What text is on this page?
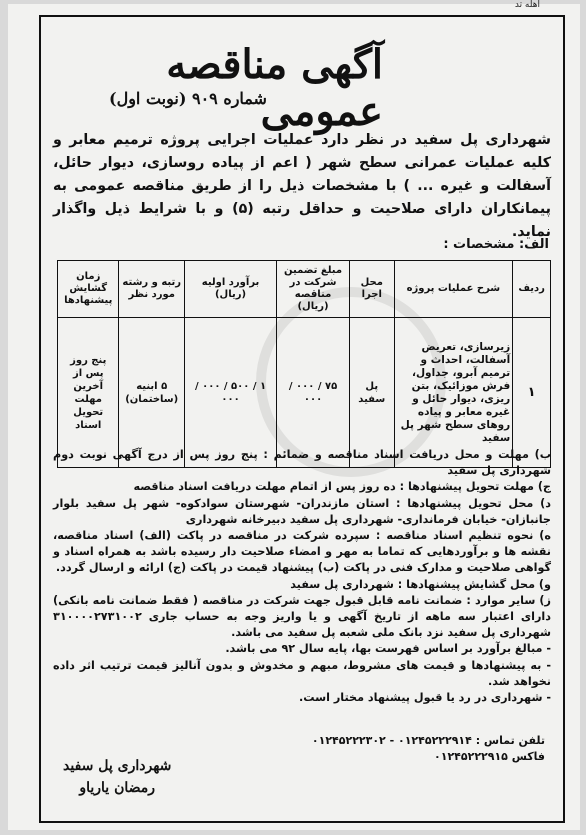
اهله تد
آگهی مناقصه عمومی
شماره ۹۰۹ (نوبت اول)
شهرداری پل سفید در نظر دارد عملیات اجرایی پروژه ترمیم معابر و کلیه عملیات عمرانی سطح شهر ( اعم از پیاده روسازی، دیوار حائل، آسفالت و غیره ... ) با مشخصات ذیل را از طریق مناقصه عمومی به پیمانکاران دارای صلاحیت و حداقل رتبه (۵) و با شرایط ذیل واگذار نماید.
الف: مشخصات :
ردیف	شرح عملیات پروژه	محل اجرا	مبلغ تضمین شرکت در مناقصه (ریال)	برآورد اولیه (ریال)	رتبه و رشته مورد نظر	زمان گشایش پیشنهادها
۱	زیرسازی، تعریض آسفالت، احداث و ترمیم آبرو، جداول، فرش موزائیک، بتن ریزی، دیوار حائل و غیره معابر و پیاده روهای سطح شهر پل سفید	پل سفید	۷۵ / ۰۰۰ / ۰۰۰	۱ / ۵۰۰ / ۰۰۰ / ۰۰۰	۵ ابنیه (ساختمان)	پنج روز پس از آخرین مهلت تحویل اسناد

ب) مهلت و محل دریافت اسناد مناقصه و ضمائم : پنج روز پس از درج آگهی نوبت دوم شهرداری پل سفید

ج) مهلت تحویل پیشنهادها : ده روز پس از اتمام مهلت دریافت اسناد مناقصه

د) محل تحویل پیشنهادها : استان مازندران- شهرستان سوادکوه- شهر پل سفید بلوار جانبازان- خیابان فرمانداری- شهرداری پل سفید دبیرخانه شهرداری

ه) نحوه تنظیم اسناد مناقصه : سپرده شرکت در مناقصه در پاکت (الف) اسناد مناقصه، نقشه ها و برآوردهایی که تماما به مهر و امضاء صلاحیت دار رسیده باشد به همراه اسناد و گواهی صلاحیت و مدارک فنی در پاکت (ب) پیشنهاد قیمت در پاکت (ج) ارائه و ارسال گردد.

و) محل گشایش پیشنهادها : شهرداری پل سفید

ز) سایر موارد : ضمانت نامه قابل قبول جهت شرکت در مناقصه ( فقط ضمانت نامه بانکی) دارای اعتبار سه ماهه از تاریخ آگهی و یا واریز وجه به حساب جاری ۳۱۰۰۰۰۲۷۳۱۰۰۲ شهرداری پل سفید نزد بانک ملی شعبه پل سفید می باشد.

- مبالغ برآورد بر اساس فهرست بها، پایه سال ۹۲ می باشد.

- به پیشنهادها و قیمت های مشروط، مبهم و مخدوش و بدون آنالیز قیمت ترتیب اثر داده نخواهد شد.

- شهرداری در رد یا قبول پیشنهاد مختار است.

تلفن تماس : ۰۱۲۴۵۲۲۲۹۱۴ - ۰۱۲۴۵۲۲۲۳۰۲
فاکس ۰۱۲۴۵۲۲۲۹۱۵
شهرداری پل سفید
رمضان یاریاو
